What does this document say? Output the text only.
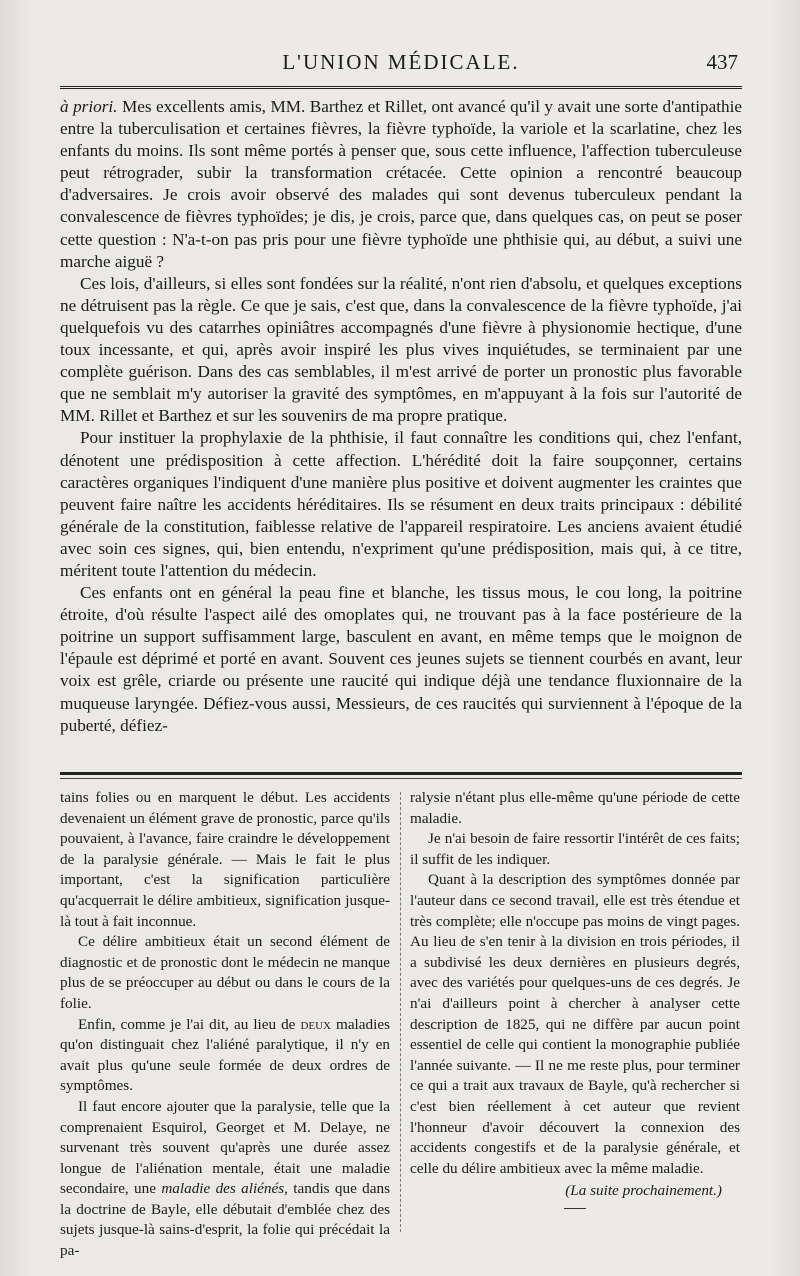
L'UNION MÉDICALE.	437

à priori. Mes excellents amis, MM. Barthez et Rillet, ont avancé qu'il y avait une sorte d'antipathie entre la tuberculisation et certaines fièvres, la fièvre typhoïde, la variole et la scarlatine, chez les enfants du moins. Ils sont même portés à penser que, sous cette influence, l'affection tuberculeuse peut rétrograder, subir la transformation crétacée. Cette opinion a rencontré beaucoup d'adversaires. Je crois avoir observé des malades qui sont devenus tuberculeux pendant la convalescence de fièvres typhoïdes; je dis, je crois, parce que, dans quelques cas, on peut se poser cette question : N'a-t-on pas pris pour une fièvre typhoïde une phthisie qui, au début, a suivi une marche aiguë ?

Ces lois, d'ailleurs, si elles sont fondées sur la réalité, n'ont rien d'absolu, et quelques exceptions ne détruisent pas la règle. Ce que je sais, c'est que, dans la convalescence de la fièvre typhoïde, j'ai quelquefois vu des catarrhes opiniâtres accompagnés d'une fièvre à physionomie hectique, d'une toux incessante, et qui, après avoir inspiré les plus vives inquiétudes, se terminaient par une complète guérison. Dans des cas semblables, il m'est arrivé de porter un pronostic plus favorable que ne semblait m'y autoriser la gravité des symptômes, en m'appuyant à la fois sur l'autorité de MM. Rillet et Barthez et sur les souvenirs de ma propre pratique.

Pour instituer la prophylaxie de la phthisie, il faut connaître les conditions qui, chez l'enfant, dénotent une prédisposition à cette affection. L'hérédité doit la faire soupçonner, certains caractères organiques l'indiquent d'une manière plus positive et doivent augmenter les craintes que peuvent faire naître les accidents héréditaires. Ils se résument en deux traits principaux : débilité générale de la constitution, faiblesse relative de l'appareil respiratoire. Les anciens avaient étudié avec soin ces signes, qui, bien entendu, n'expriment qu'une prédisposition, mais qui, à ce titre, méritent toute l'attention du médecin.

Ces enfants ont en général la peau fine et blanche, les tissus mous, le cou long, la poitrine étroite, d'où résulte l'aspect ailé des omoplates qui, ne trouvant pas à la face postérieure de la poitrine un support suffisamment large, basculent en avant, en même temps que le moignon de l'épaule est déprimé et porté en avant. Souvent ces jeunes sujets se tiennent courbés en avant, leur voix est grêle, criarde ou présente une raucité qui indique déjà une tendance fluxionnaire de la muqueuse laryngée. Défiez-vous aussi, Messieurs, de ces raucités qui surviennent à l'époque de la puberté, défiez-

tains folies ou en marquent le début. Les accidents devenaient un élément grave de pronostic, parce qu'ils pouvaient, à l'avance, faire craindre le développement de la paralysie générale. — Mais le fait le plus important, c'est la signification particulière qu'acquerrait le délire ambitieux, signification jusque-là tout à fait inconnue.

Ce délire ambitieux était un second élément de diagnostic et de pronostic dont le médecin ne manque plus de se préoccuper au début ou dans le cours de la folie.

Enfin, comme je l'ai dit, au lieu de deux maladies qu'on distinguait chez l'aliéné paralytique, il n'y en avait plus qu'une seule formée de deux ordres de symptômes.

Il faut encore ajouter que la paralysie, telle que la comprenaient Esquirol, Georget et M. Delaye, ne survenant très souvent qu'après une durée assez longue de l'aliénation mentale, était une maladie secondaire, une maladie des aliénés, tandis que dans la doctrine de Bayle, elle débutait d'emblée chez des sujets jusque-là sains-d'esprit, la folie qui précédait la pa-

ralysie n'étant plus elle-même qu'une période de cette maladie.

Je n'ai besoin de faire ressortir l'intérêt de ces faits; il suffit de les indiquer.

Quant à la description des symptômes donnée par l'auteur dans ce second travail, elle est très étendue et très complète; elle n'occupe pas moins de vingt pages. Au lieu de s'en tenir à la division en trois périodes, il a subdivisé les deux dernières en plusieurs degrés, avec des variétés pour quelques-uns de ces degrés. Je n'ai d'ailleurs point à chercher à analyser cette description de 1825, qui ne diffère par aucun point essentiel de celle qui contient la monographie publiée l'année suivante. — Il ne me reste plus, pour terminer ce qui a trait aux travaux de Bayle, qu'à rechercher si c'est bien réellement à cet auteur que revient l'honneur d'avoir découvert la connexion des accidents congestifs et de la paralysie générale, et celle du délire ambitieux avec la même maladie.

(La suite prochainement.)
